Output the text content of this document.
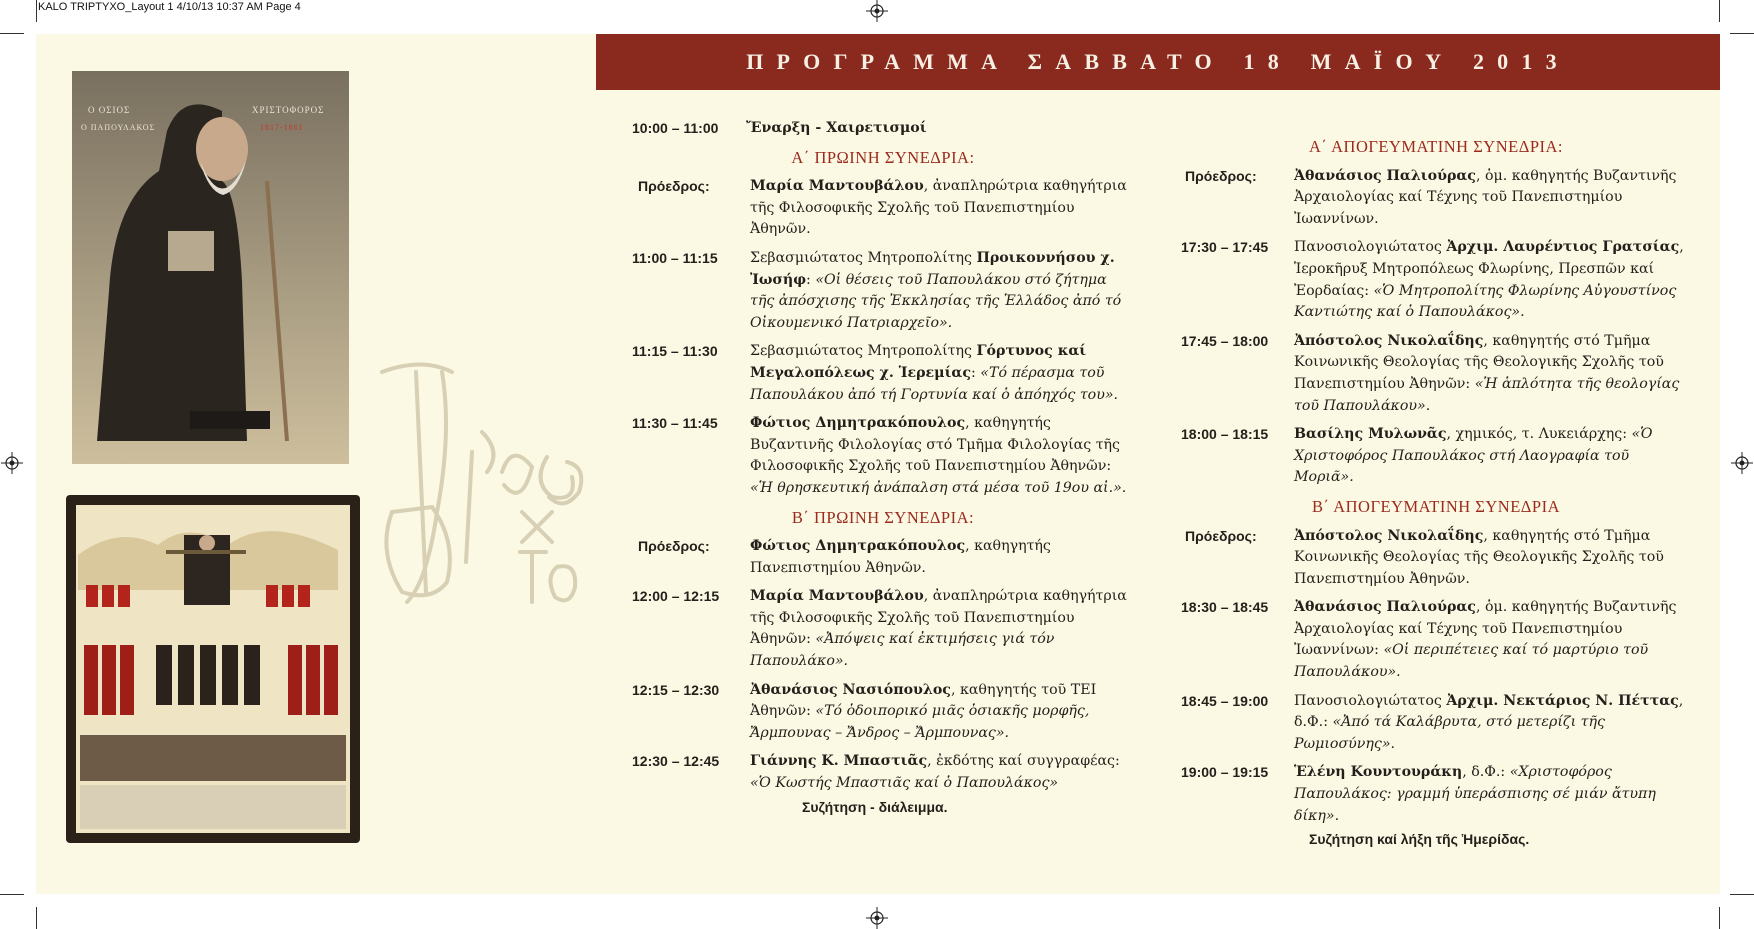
KALO TRIPTYXO_Layout 1 4/10/13 10:37 AM Page 4
ΠΡΟΓΡΑΜΜΑ ΣΑΒΒΑΤΟ 18 ΜΑΪΟΥ 2013
Ο ΟΣΙΟΣ
Ο ΠΑΠΟΥΛΑΚΟΣ
ΧΡΙΣΤΟΦΟΡΟΣ
1817-1861	10:00 – 11:00 Ἔναρξη - Χαιρετισμοί
Α΄ ΠΡΩΙΝΗ ΣΥΝΕΔΡΙΑ:
Πρόεδρος:	Μαρία Μαντουβάλου, ἀναπληρώτρια καθηγήτρια τῆς Φιλοσοφικῆς Σχολῆς τοῦ Πανεπιστημίου Ἀθηνῶν.
11:00 – 11:15 Σεβασμιώτατος Μητροπολίτης Προικοννήσου χ. Ἰωσήφ: «Οἱ θέσεις τοῦ Παπουλάκου στό ζήτημα τῆς ἀπόσχισης τῆς Ἐκκλησίας τῆς Ἑλλάδος ἀπό τό Οἰκουμενικό Πατριαρχεῖο».
11:15 – 11:30 Σεβασμιώτατος Μητροπολίτης Γόρτυνος καί Μεγαλοπόλεως χ. Ἱερεμίας: «Τό πέρασμα τοῦ Παπουλάκου ἀπό τή Γορτυνία καί ὁ ἀπόηχός του».
11:30 – 11:45 Φώτιος Δημητρακόπουλος, καθηγητής Βυζαντινῆς Φιλολογίας στό Τμῆμα Φιλολογίας τῆς Φιλοσοφικῆς Σχολῆς τοῦ Πανεπιστημίου Ἀθηνῶν: «Ἡ θρησκευτική ἀνάπαλση στά μέσα τοῦ 19ου αἰ.».
Β΄ ΠΡΩΙΝΗ ΣΥΝΕΔΡΙΑ:
Πρόεδρος:	Φώτιος Δημητρακόπουλος, καθηγητής Πανεπιστημίου Ἀθηνῶν.
12:00 – 12:15 Μαρία Μαντουβάλου, ἀναπληρώτρια καθηγήτρια τῆς Φιλοσοφικῆς Σχολῆς τοῦ Πανεπιστημίου Ἀθηνῶν: «Ἀπόψεις καί ἐκτιμήσεις γιά τόν Παπουλάκο».
12:15 – 12:30 Ἀθανάσιος Νασιόπουλος, καθηγητής τοῦ ΤΕΙ Ἀθηνῶν: «Τό ὁδοιπορικό μιᾶς ὁσιακῆς μορφῆς, Ἄρμπουνας – Ἄνδρος – Ἄρμπουνας».
12:30 – 12:45 Γιάννης Κ. Μπαστιᾶς, ἐκδότης καί συγγραφέας: «Ὁ Κωστής Μπαστιᾶς καί ὁ Παπουλάκος»
Συζήτηση - διάλειμμα.
Α΄ ΑΠΟΓΕΥΜΑΤΙΝΗ ΣΥΝΕΔΡΙΑ:
Πρόεδρος:	Ἀθανάσιος Παλιούρας, ὁμ. καθηγητής Βυζαντινῆς Ἀρχαιολογίας καί Τέχνης τοῦ Πανεπιστημίου Ἰωαννίνων.
17:30 – 17:45 Πανοσιολογιώτατος Ἀρχιμ. Λαυρέντιος Γρατσίας, Ἱεροκῆρυξ Μητροπόλεως Φλωρίνης, Πρεσπῶν καί Ἐορδαίας: «Ὁ Μητροπολίτης Φλωρίνης Αὐγουστίνος Καντιώτης καί ὁ Παπουλάκος».
17:45 – 18:00 Ἀπόστολος Νικολαΐδης, καθηγητής στό Τμῆμα Κοινωνικῆς Θεολογίας τῆς Θεολογικῆς Σχολῆς τοῦ Πανεπιστημίου Ἀθηνῶν: «Ἡ ἁπλότητα τῆς θεολογίας τοῦ Παπουλάκου».
18:00 – 18:15 Βασίλης Μυλωνᾶς, χημικός, τ. Λυκειάρχης: «Ὁ Χριστοφόρος Παπουλάκος στή Λαογραφία τοῦ Μοριᾶ».
Β΄ ΑΠΟΓΕΥΜΑΤΙΝΗ ΣΥΝΕΔΡΙΑ
Πρόεδρος:	Ἀπόστολος Νικολαΐδης, καθηγητής στό Τμῆμα Κοινωνικῆς Θεολογίας τῆς Θεολογικῆς Σχολῆς τοῦ Πανεπιστημίου Ἀθηνῶν.
18:30 – 18:45 Ἀθανάσιος Παλιούρας, ὁμ. καθηγητής Βυζαντινῆς Ἀρχαιολογίας καί Τέχνης τοῦ Πανεπιστημίου Ἰωαννίνων: «Οἱ περιπέτειες καί τό μαρτύριο τοῦ Παπουλάκου».
18:45 – 19:00 Πανοσιολογιώτατος Ἀρχιμ. Νεκτάριος Ν. Πέττας, δ.Φ.: «Ἀπό τά Καλάβρυτα, στό μετερίζι τῆς Ρωμιοσύνης».
19:00 – 19:15 Ἑλένη Κουντουράκη, δ.Φ.: «Χριστοφόρος Παπουλάκος: γραμμή ὑπεράσπισης σέ μιάν ἄτυπη δίκη».
Συζήτηση καί λήξη τῆς Ἡμερίδας.
